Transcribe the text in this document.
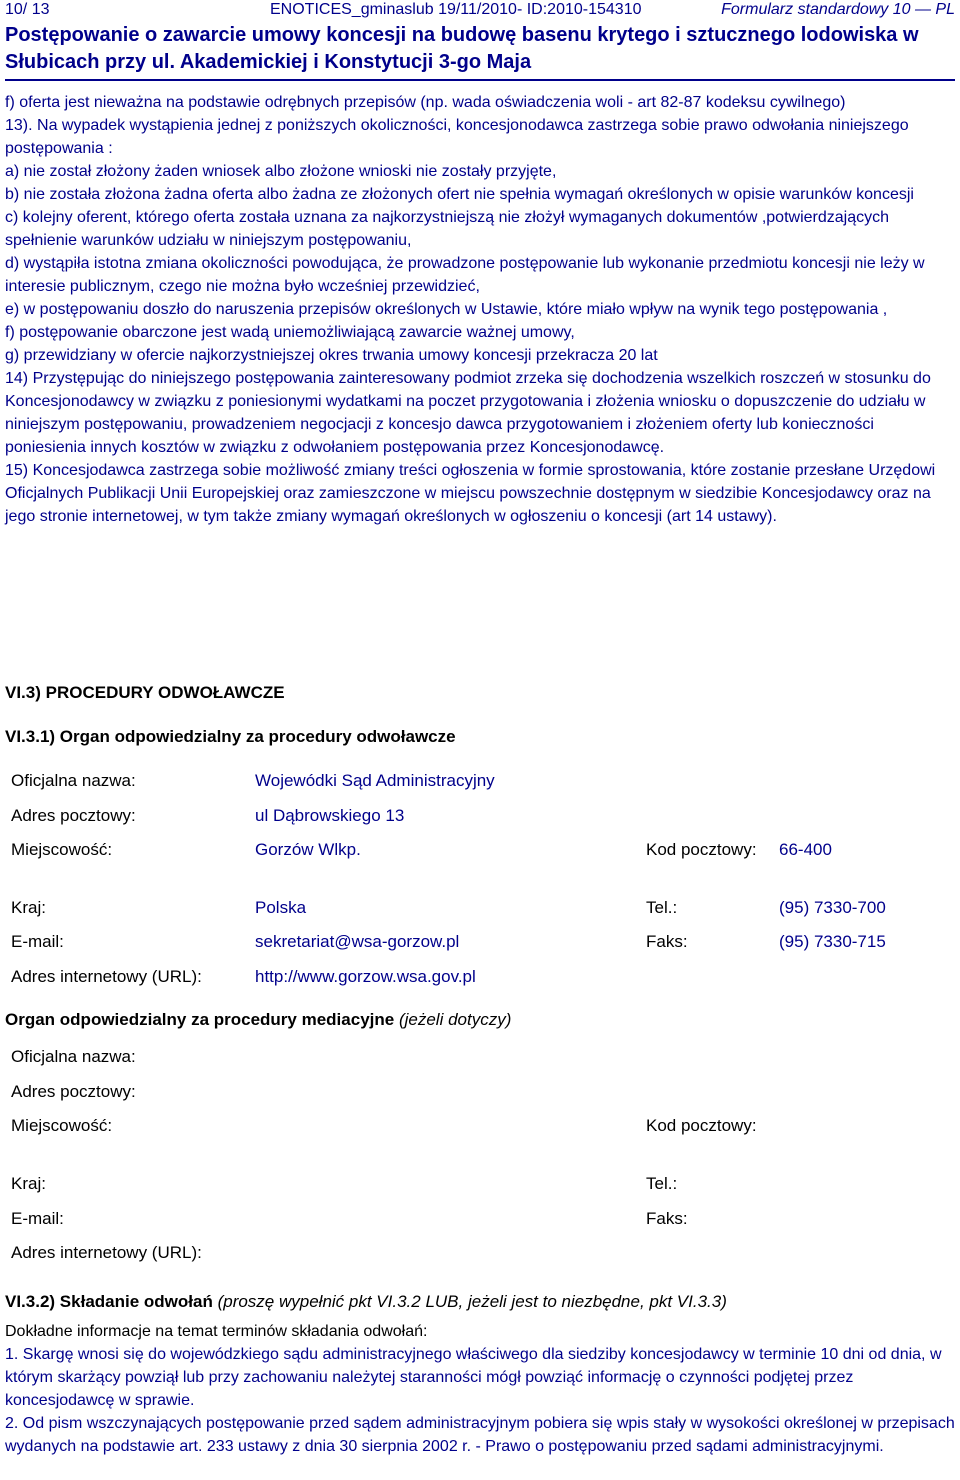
10/ 13	ENOTICES_gminaslub 19/11/2010- ID:2010-154310	Formularz standardowy 10 — PL
Postępowanie o zawarcie umowy koncesji na budowę basenu krytego i sztucznego lodowiska w Słubicach przy ul. Akademickiej i Konstytucji 3-go Maja
f) oferta jest nieważna na podstawie odrębnych przepisów (np. wada oświadczenia woli - art 82-87 kodeksu cywilnego)
13). Na wypadek wystąpienia jednej z poniższych okoliczności, koncesjonodawca zastrzega sobie prawo odwołania niniejszego postępowania :
a) nie został złożony żaden wniosek albo złożone wnioski nie zostały przyjęte,
b) nie została złożona żadna oferta albo żadna ze złożonych ofert nie spełnia wymagań określonych w opisie warunków koncesji
c) kolejny oferent, którego oferta została uznana za najkorzystniejszą nie złożył wymaganych dokumentów ,potwierdzających spełnienie warunków udziału w niniejszym postępowaniu,
d) wystąpiła istotna zmiana okoliczności powodująca, że prowadzone postępowanie lub wykonanie przedmiotu koncesji nie leży w interesie publicznym, czego nie można było wcześniej przewidzieć,
e) w postępowaniu doszło do naruszenia przepisów określonych w Ustawie, które miało wpływ na wynik tego postępowania ,
f) postępowanie obarczone jest wadą uniemożliwiającą zawarcie ważnej umowy,
g) przewidziany w ofercie najkorzystniejszej okres trwania umowy koncesji przekracza 20 lat
14) Przystępując do niniejszego postępowania zainteresowany podmiot zrzeka się dochodzenia wszelkich roszczeń w stosunku do Koncesjonodawcy w związku z poniesionymi wydatkami na poczet przygotowania i złożenia wniosku o dopuszczenie do udziału w niniejszym postępowaniu, prowadzeniem negocjacji z koncesjo dawca przygotowaniem i złożeniem oferty lub konieczności poniesienia innych kosztów w związku z odwołaniem postępowania przez Koncesjonodawcę.
15) Koncesjodawca zastrzega sobie możliwość zmiany treści ogłoszenia w formie sprostowania, które zostanie przesłane Urzędowi Oficjalnych Publikacji Unii Europejskiej oraz zamieszczone w miejscu powszechnie dostępnym w siedzibie Koncesjodawcy oraz na jego stronie internetowej, w tym także zmiany wymagań określonych w ogłoszeniu o koncesji (art 14 ustawy).
VI.3) PROCEDURY ODWOŁAWCZE
VI.3.1) Organ odpowiedzialny za procedury odwoławcze
Oficjalna nazwa:	Wojewódki Sąd Administracyjny
Adres pocztowy:	ul Dąbrowskiego 13
Miejscowość:	Gorzów Wlkp.	Kod pocztowy:	66-400
Kraj:	Polska	Tel.:	(95) 7330-700
E-mail:	sekretariat@wsa-gorzow.pl	Faks:	(95) 7330-715
Adres internetowy (URL):	http://www.gorzow.wsa.gov.pl
Organ odpowiedzialny za procedury mediacyjne (jeżeli dotyczy)
Oficjalna nazwa:
Adres pocztowy:
Miejscowość:	Kod pocztowy:
Kraj:	Tel.:
E-mail:	Faks:
Adres internetowy (URL):
VI.3.2) Składanie odwołań (proszę wypełnić pkt VI.3.2 LUB, jeżeli jest to niezbędne, pkt VI.3.3)
Dokładne informacje na temat terminów składania odwołań:
1. Skargę wnosi się do wojewódzkiego sądu administracyjnego właściwego dla siedziby koncesjodawcy w terminie 10 dni od dnia, w którym skarżący powziął lub przy zachowaniu należytej staranności mógł powziąć informację o czynności podjętej przez koncesjodawcę w sprawie.
2. Od pism wszczynających postępowanie przed sądem administracyjnym pobiera się wpis stały w wysokości określonej w przepisach wydanych na podstawie art. 233 ustawy z dnia 30 sierpnia 2002 r. - Prawo o postępowaniu przed sądami administracyjnymi.
